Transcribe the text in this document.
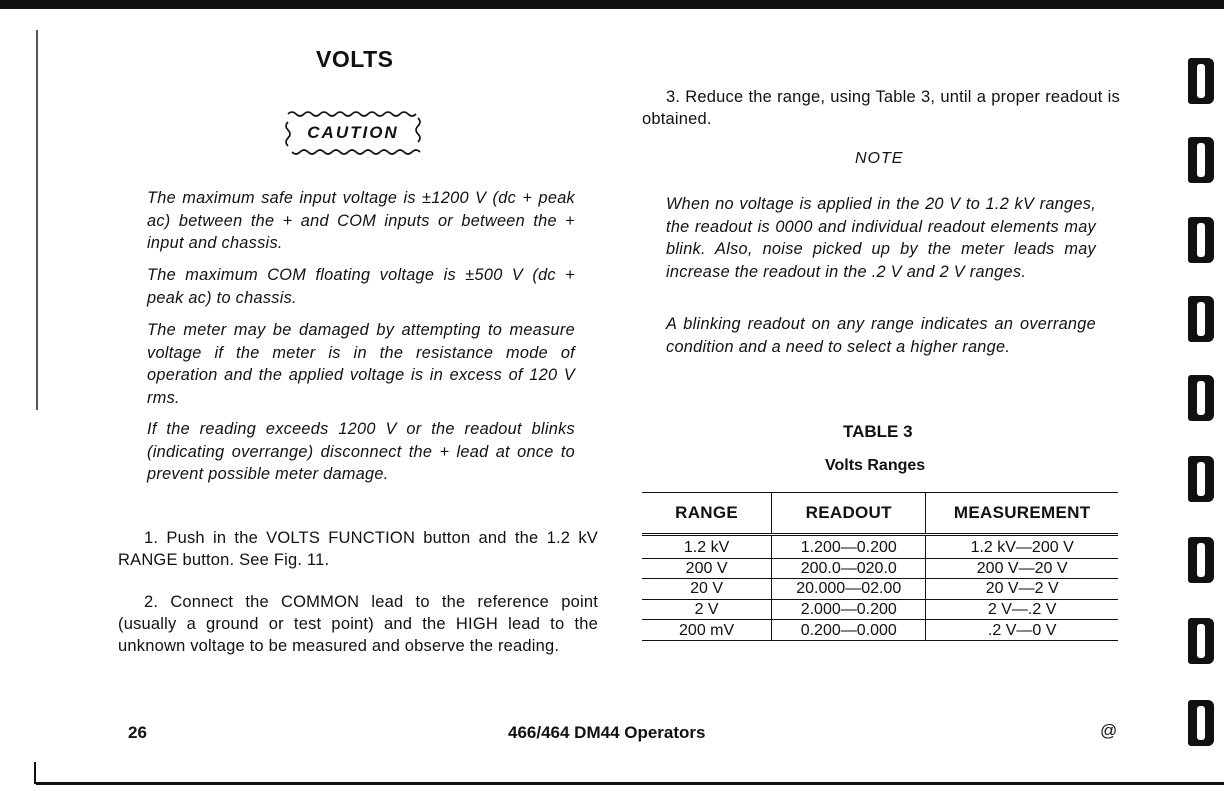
VOLTS
CAUTION
The maximum safe input voltage is ±1200 V (dc + peak ac) between the + and COM inputs or between the + input and chassis.
The maximum COM floating voltage is ±500 V (dc + peak ac) to chassis.
The meter may be damaged by attempting to measure voltage if the meter is in the resistance mode of operation and the applied voltage is in excess of 120 V rms.
If the reading exceeds 1200 V or the readout blinks (indicating overrange) disconnect the + lead at once to prevent possible meter damage.
1. Push in the VOLTS FUNCTION button and the 1.2 kV RANGE button. See Fig. 11.
2. Connect the COMMON lead to the reference point (usually a ground or test point) and the HIGH lead to the unknown voltage to be measured and observe the reading.
3. Reduce the range, using Table 3, until a proper readout is obtained.
NOTE
When no voltage is applied in the 20 V to 1.2 kV ranges, the readout is 0000 and individual readout elements may blink. Also, noise picked up by the meter leads may increase the readout in the .2 V and 2 V ranges.
A blinking readout on any range indicates an overrange condition and a need to select a higher range.
TABLE 3
Volts Ranges
RANGE	READOUT	MEASUREMENT
1.2 kV	1.200—0.200	1.2 kV—200 V
200 V	200.0—020.0	200 V—20 V
20 V	20.000—02.00	20 V—2 V
2 V	2.000—0.200	2 V—.2 V
200 mV	0.200—0.000	.2 V—0 V
26	466/464 DM44 Operators	@
